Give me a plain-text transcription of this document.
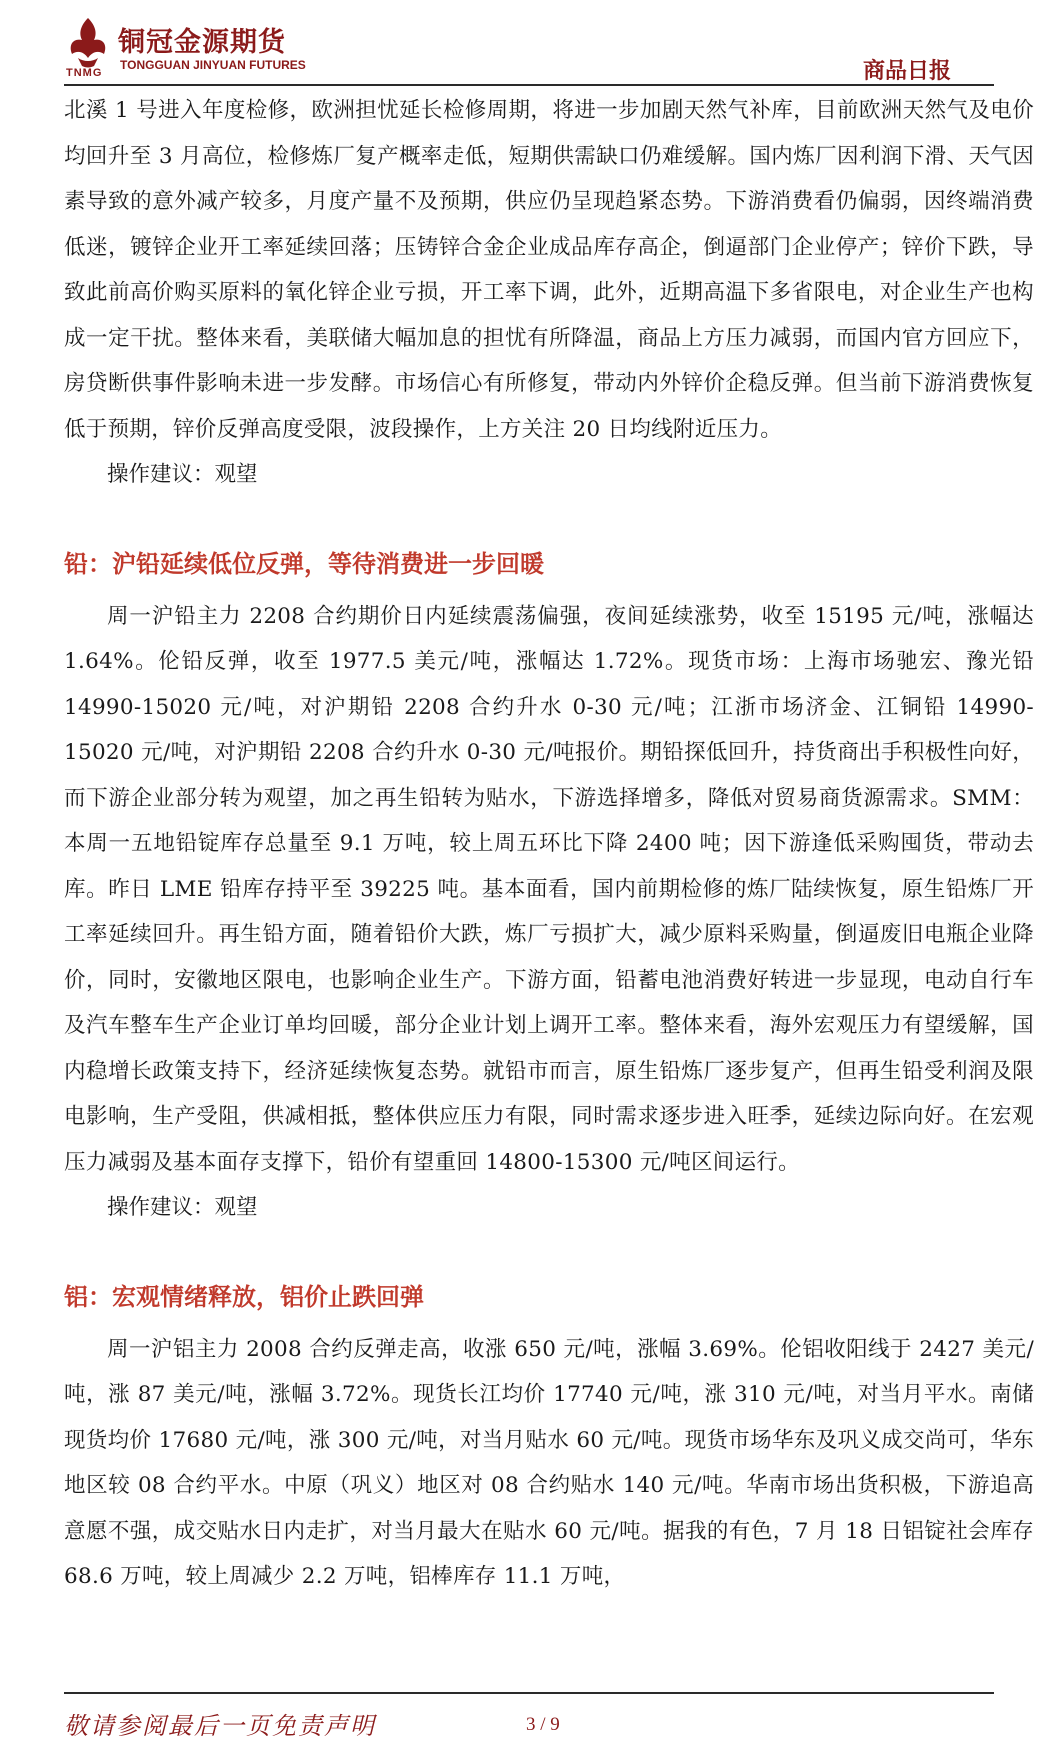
铜冠金源期货
TONGGUAN JINYUAN FUTURES
TNMG	商品日报

北溪 1 号进入年度检修，欧洲担忧延长检修周期，将进一步加剧天然气补库，目前欧洲天然气及电价均回升至 3 月高位，检修炼厂复产概率走低，短期供需缺口仍难缓解。国内炼厂因利润下滑、天气因素导致的意外减产较多，月度产量不及预期，供应仍呈现趋紧态势。下游消费看仍偏弱，因终端消费低迷，镀锌企业开工率延续回落；压铸锌合金企业成品库存高企，倒逼部门企业停产；锌价下跌，导致此前高价购买原料的氧化锌企业亏损，开工率下调，此外，近期高温下多省限电，对企业生产也构成一定干扰。整体来看，美联储大幅加息的担忧有所降温，商品上方压力减弱，而国内官方回应下，房贷断供事件影响未进一步发酵。市场信心有所修复，带动内外锌价企稳反弹。但当前下游消费恢复低于预期，锌价反弹高度受限，波段操作，上方关注 20 日均线附近压力。

操作建议：观望

铅：沪铅延续低位反弹，等待消费进一步回暖

周一沪铅主力 2208 合约期价日内延续震荡偏强，夜间延续涨势，收至 15195 元/吨，涨幅达 1.64%。伦铅反弹，收至 1977.5 美元/吨，涨幅达 1.72%。现货市场：上海市场驰宏、豫光铅 14990-15020 元/吨，对沪期铅 2208 合约升水 0-30 元/吨；江浙市场济金、江铜铅 14990-15020 元/吨，对沪期铅 2208 合约升水 0-30 元/吨报价。期铅探低回升，持货商出手积极性向好，而下游企业部分转为观望，加之再生铅转为贴水，下游选择增多，降低对贸易商货源需求。SMM：本周一五地铅锭库存总量至 9.1 万吨，较上周五环比下降 2400 吨；因下游逢低采购囤货，带动去库。昨日 LME 铅库存持平至 39225 吨。基本面看，国内前期检修的炼厂陆续恢复，原生铅炼厂开工率延续回升。再生铅方面，随着铅价大跌，炼厂亏损扩大，减少原料采购量，倒逼废旧电瓶企业降价，同时，安徽地区限电，也影响企业生产。下游方面，铅蓄电池消费好转进一步显现，电动自行车及汽车整车生产企业订单均回暖，部分企业计划上调开工率。整体来看，海外宏观压力有望缓解，国内稳增长政策支持下，经济延续恢复态势。就铅市而言，原生铅炼厂逐步复产，但再生铅受利润及限电影响，生产受阻，供减相抵，整体供应压力有限，同时需求逐步进入旺季，延续边际向好。在宏观压力减弱及基本面存支撑下，铅价有望重回 14800-15300 元/吨区间运行。

操作建议：观望

铝：宏观情绪释放，铝价止跌回弹

周一沪铝主力 2008 合约反弹走高，收涨 650 元/吨，涨幅 3.69%。伦铝收阳线于 2427 美元/吨，涨 87 美元/吨，涨幅 3.72%。现货长江均价 17740 元/吨，涨 310 元/吨，对当月平水。南储现货均价 17680 元/吨，涨 300 元/吨，对当月贴水 60 元/吨。现货市场华东及巩义成交尚可，华东地区较 08 合约平水。中原（巩义）地区对 08 合约贴水 140 元/吨。华南市场出货积极，下游追高意愿不强，成交贴水日内走扩，对当月最大在贴水 60 元/吨。据我的有色，7 月 18 日铝锭社会库存 68.6 万吨，较上周减少 2.2 万吨，铝棒库存 11.1 万吨，

敬请参阅最后一页免责声明	3 / 9
